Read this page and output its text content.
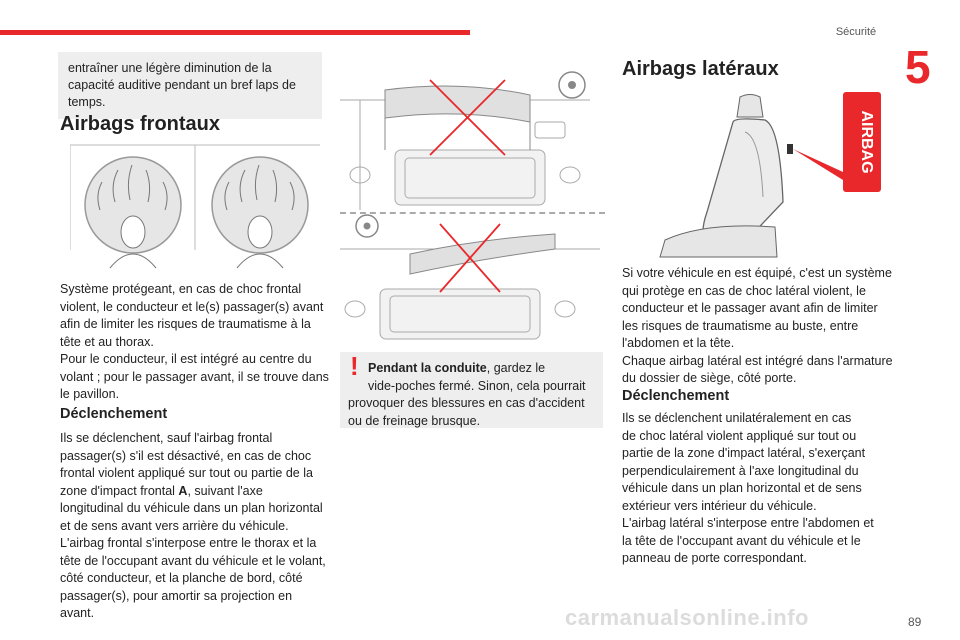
Sécurité
5
entraîner une légère diminution de la capacité auditive pendant un bref laps de temps.
Airbags frontaux
Système protégeant, en cas de choc frontal
violent, le conducteur et le(s) passager(s) avant
afin de limiter les risques de traumatisme à la
tête et au thorax.
Pour le conducteur, il est intégré au centre du
volant ; pour le passager avant, il se trouve dans
le pavillon.
Déclenchement
Ils se déclenchent, sauf l'airbag frontal passager(s) s'il est désactivé, en cas de choc frontal violent appliqué sur tout ou partie de la zone d'impact frontal A, suivant l'axe longitudinal du véhicule dans un plan horizontal et de sens avant vers arrière du véhicule.
L'airbag frontal s'interpose entre le thorax et la tête de l'occupant avant du véhicule et le volant, côté conducteur, et la planche de bord, côté passager(s), pour amortir sa projection en avant.
! Pendant la conduite, gardez le
vide-poches fermé. Sinon, cela pourrait
provoquer des blessures en cas d'accident ou de freinage brusque.
Airbags latéraux
AIRBAG
Si votre véhicule en est équipé, c'est un système
qui protège en cas de choc latéral violent, le
conducteur et le passager avant afin de limiter
les risques de traumatisme au buste, entre
l'abdomen et la tête.
Chaque airbag latéral est intégré dans l'armature
du dossier de siège, côté porte.
Déclenchement
Ils se déclenchent unilatéralement en cas
de choc latéral violent appliqué sur tout ou
partie de la zone d'impact latéral, s'exerçant
perpendiculairement à l'axe longitudinal du
véhicule dans un plan horizontal et de sens
extérieur vers intérieur du véhicule.
L'airbag latéral s'interpose entre l'abdomen et
la tête de l'occupant avant du véhicule et le
panneau de porte correspondant.
carmanualsonline.info	89
